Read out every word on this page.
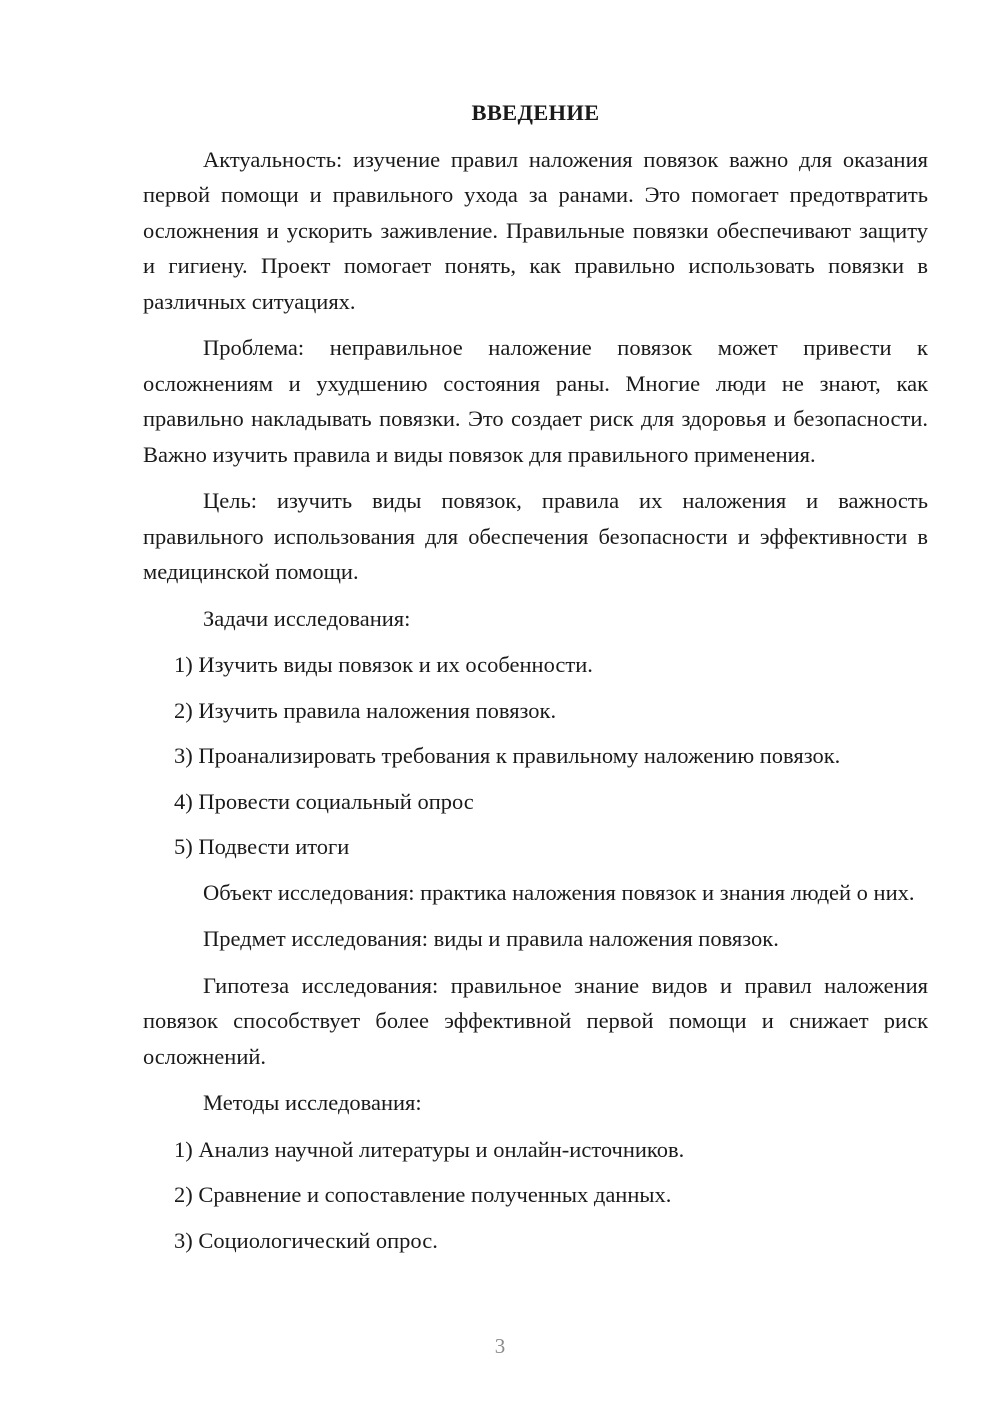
ВВЕДЕНИЕ

Актуальность: изучение правил наложения повязок важно для оказания первой помощи и правильного ухода за ранами. Это помогает предотвратить осложнения и ускорить заживление. Правильные повязки обеспечивают защиту и гигиену. Проект помогает понять, как правильно использовать повязки в различных ситуациях.

Проблема: неправильное наложение повязок может привести к осложнениям и ухудшению состояния раны. Многие люди не знают, как правильно накладывать повязки. Это создает риск для здоровья и безопасности. Важно изучить правила и виды повязок для правильного применения.

Цель: изучить виды повязок, правила их наложения и важность правильного использования для обеспечения безопасности и эффективности в медицинской помощи.

Задачи исследования:

1) Изучить виды повязок и их особенности.
2) Изучить правила наложения повязок.
3) Проанализировать требования к правильному наложению повязок.
4) Провести социальный опрос
5) Подвести итоги

Объект исследования: практика наложения повязок и знания людей о них.

Предмет исследования: виды и правила наложения повязок.

Гипотеза исследования: правильное знание видов и правил наложения повязок способствует более эффективной первой помощи и снижает риск осложнений.

Методы исследования:

1) Анализ научной литературы и онлайн-источников.
2) Сравнение и сопоставление полученных данных.
3) Социологический опрос.
3
